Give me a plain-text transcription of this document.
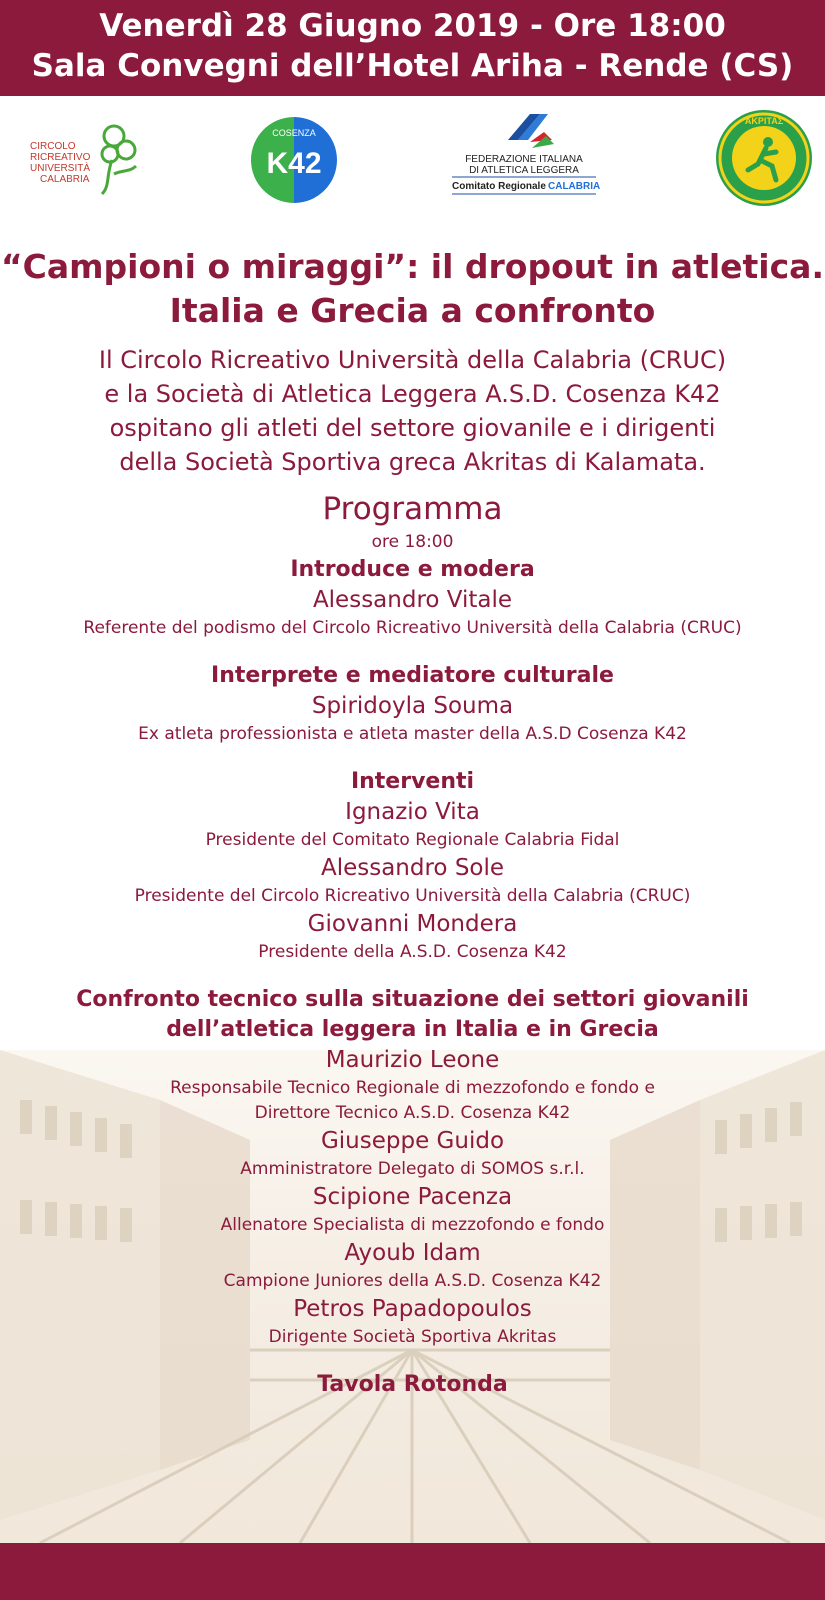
Venerdì 28 Giugno 2019 - Ore 18:00
Sala Convegni dell’Hotel Ariha - Rende (CS)
CIRCOLO
RICREATIVO
UNIVERSITÀ
CALABRIA	K42
COSENZA
FEDERAZIONE ITALIANA
DI ATLETICA LEGGERA
Comitato Regionale CALABRIA
AKPITAΣ
“Campioni o miraggi”: il dropout in atletica.
Italia e Grecia a confronto
Il Circolo Ricreativo Università della Calabria (CRUC)
e la Società di Atletica Leggera A.S.D. Cosenza K42
ospitano gli atleti del settore giovanile e i dirigenti
della Società Sportiva greca Akritas di Kalamata.
Programma
ore 18:00
Introduce e modera
Alessandro Vitale
Referente del podismo del Circolo Ricreativo Università della Calabria (CRUC)
Interprete e mediatore culturale
Spiridoyla Souma
Ex atleta professionista e atleta master della A.S.D Cosenza K42
Interventi
Ignazio Vita
Presidente del Comitato Regionale Calabria Fidal
Alessandro Sole
Presidente del Circolo Ricreativo Università della Calabria (CRUC)
Giovanni Mondera
Presidente della A.S.D. Cosenza K42
Confronto tecnico sulla situazione dei settori giovanili
dell’atletica leggera in Italia e in Grecia
Maurizio Leone
Responsabile Tecnico Regionale di mezzofondo e fondo e
Direttore Tecnico A.S.D. Cosenza K42
Giuseppe Guido
Amministratore Delegato di SOMOS s.r.l.
Scipione Pacenza
Allenatore Specialista di mezzofondo e fondo
Ayoub Idam
Campione Juniores della A.S.D. Cosenza K42
Petros Papadopoulos
Dirigente Società Sportiva Akritas
Tavola Rotonda
